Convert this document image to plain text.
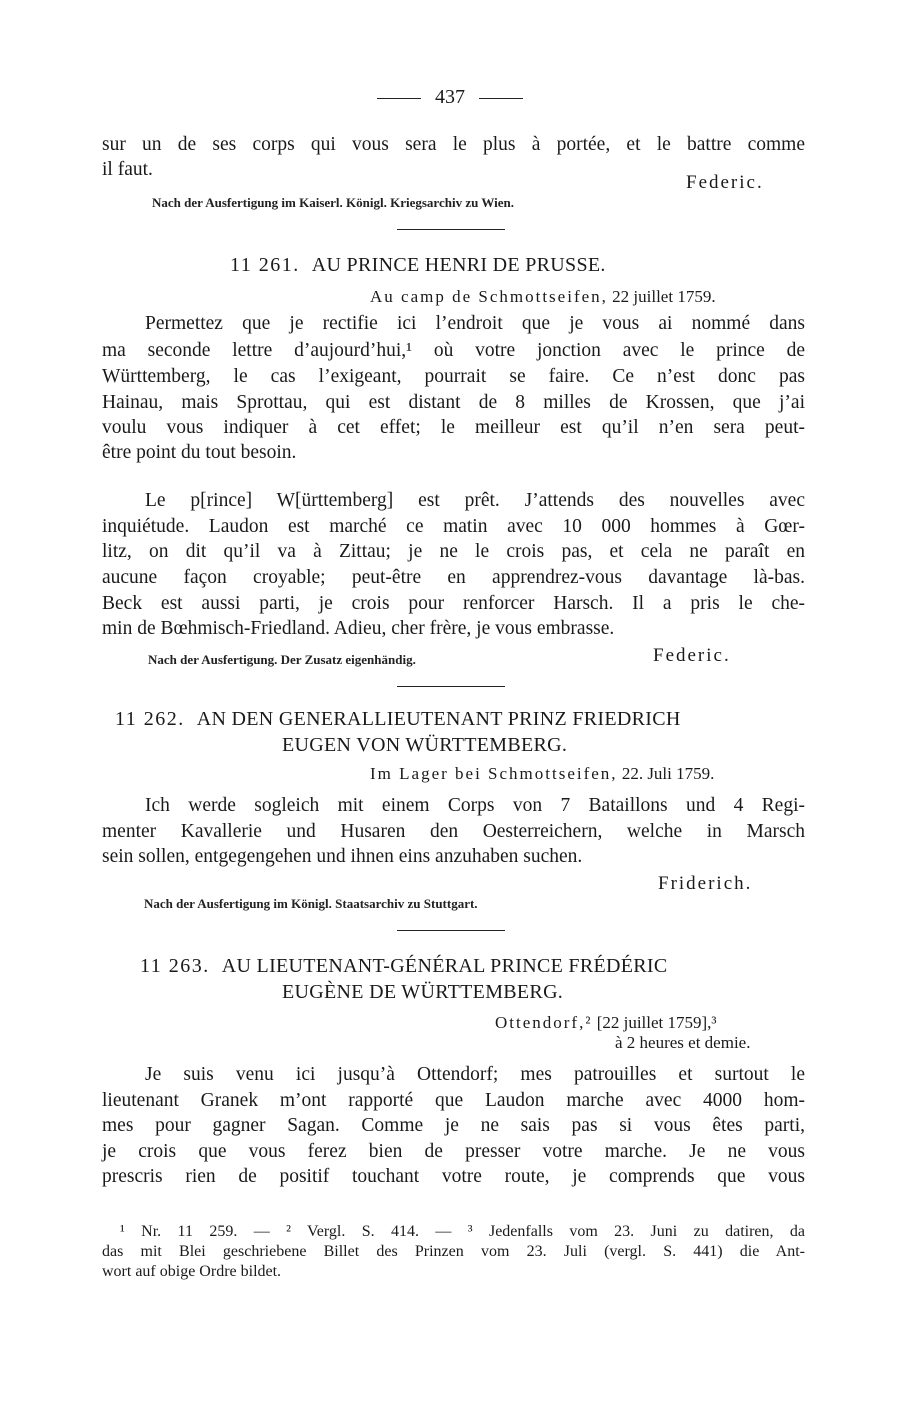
437
sur un de ses corps qui vous sera le plus à portée, et le battre comme
il faut.
Federic.
Nach der Ausfertigung im Kaiserl. Königl. Kriegsarchiv zu Wien.
11 261. AU PRINCE HENRI DE PRUSSE.
Au camp de Schmottseifen, 22 juillet 1759.
Permettez que je rectifie ici l’endroit que je vous ai nommé dans
ma seconde lettre d’aujourd’hui,¹ où votre jonction avec le prince de
Württemberg, le cas l’exigeant, pourrait se faire. Ce n’est donc pas
Hainau, mais Sprottau, qui est distant de 8 milles de Krossen, que j’ai
voulu vous indiquer à cet effet; le meilleur est qu’il n’en sera peut-
être point du tout besoin.
Le p[rince] W[ürttemberg] est prêt. J’attends des nouvelles avec
inquiétude. Laudon est marché ce matin avec 10 000 hommes à Gœr-
litz, on dit qu’il va à Zittau; je ne le crois pas, et cela ne paraît en
aucune façon croyable; peut-être en apprendrez-vous davantage là-bas.
Beck est aussi parti, je crois pour renforcer Harsch. Il a pris le che-
min de Bœhmisch-Friedland. Adieu, cher frère, je vous embrasse.
Nach der Ausfertigung. Der Zusatz eigenhändig.	Federic.
11 262. AN DEN GENERALLIEUTENANT PRINZ FRIEDRICH
EUGEN VON WÜRTTEMBERG.
Im Lager bei Schmottseifen, 22. Juli 1759.
Ich werde sogleich mit einem Corps von 7 Bataillons und 4 Regi-
menter Kavallerie und Husaren den Oesterreichern, welche in Marsch
sein sollen, entgegengehen und ihnen eins anzuhaben suchen.
Friderich.
Nach der Ausfertigung im Königl. Staatsarchiv zu Stuttgart.
11 263. AU LIEUTENANT-GÉNÉRAL PRINCE FRÉDÉRIC
EUGÈNE DE WÜRTTEMBERG.
Ottendorf,² [22 juillet 1759],³
à 2 heures et demie.
Je suis venu ici jusqu’à Ottendorf; mes patrouilles et surtout le
lieutenant Granek m’ont rapporté que Laudon marche avec 4000 hom-
mes pour gagner Sagan. Comme je ne sais pas si vous êtes parti,
je crois que vous ferez bien de presser votre marche. Je ne vous
prescris rien de positif touchant votre route, je comprends que vous
¹ Nr. 11 259. — ² Vergl. S. 414. — ³ Jedenfalls vom 23. Juni zu datiren, da
das mit Blei geschriebene Billet des Prinzen vom 23. Juli (vergl. S. 441) die Ant-
wort auf obige Ordre bildet.
